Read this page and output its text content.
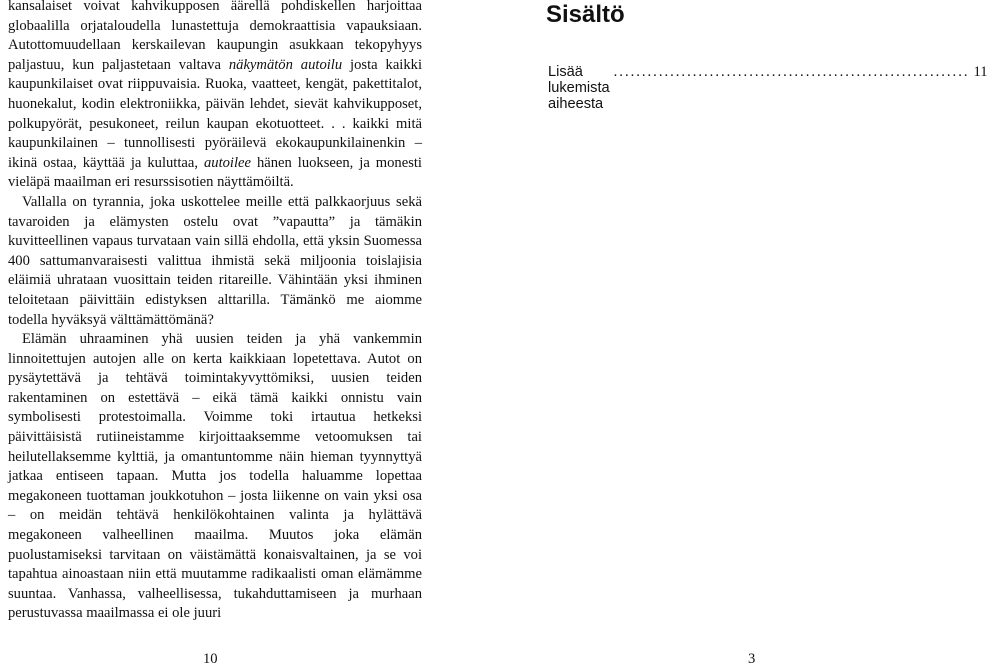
kansalaiset voivat kahvikupposen äärellä pohdiskellen harjoittaa globaalilla orjataloudella lunastettuja demokraattisia vapauksiaan. Autottomuudellaan kerskailevan kaupungin asukkaan tekopyhyys paljastuu, kun paljastetaan valtava näkymätön autoilu josta kaikki kaupunkilaiset ovat riippuvaisia. Ruoka, vaatteet, kengät, pakettitalot, huonekalut, kodin elektroniikka, päivän lehdet, sievät kahvikupposet, polkupyörät, pesukoneet, reilun kaupan ekotuotteet. . . kaikki mitä kaupunkilainen – tunnollisesti pyöräilevä ekokaupunkilainenkin – ikinä ostaa, käyttää ja kuluttaa, autoilee hänen luokseen, ja monesti vieläpä maailman eri resurssisotien näyttämöiltä.

Vallalla on tyrannia, joka uskottelee meille että palkkaorjuus sekä tavaroiden ja elämysten ostelu ovat ”vapautta” ja tämäkin kuvitteellinen vapaus turvataan vain sillä ehdolla, että yksin Suomessa 400 sattumanvaraisesti valittua ihmistä sekä miljoonia toislajisia eläimiä uhrataan vuosittain teiden ritareille. Vähintään yksi ihminen teloitetaan päivittäin edistyksen alttarilla. Tämänkö me aiomme todella hyväksyä välttämättömänä?

Elämän uhraaminen yhä uusien teiden ja yhä vankemmin linnoitettujen autojen alle on kerta kaikkiaan lopetettava. Autot on pysäytettävä ja tehtävä toimintakyvyttömiksi, uusien teiden rakentaminen on estettävä – eikä tämä kaikki onnistu vain symbolisesti protestoimalla. Voimme toki irtautua hetkeksi päivittäisistä rutiineistamme kirjoittaaksemme vetoomuksen tai heilutellaksemme kylttiä, ja omantuntomme näin hieman tyynnyttyä jatkaa entiseen tapaan. Mutta jos todella haluamme lopettaa megakoneen tuottaman joukkotuhon – josta liikenne on vain yksi osa – on meidän tehtävä henkilökohtainen valinta ja hylättävä megakoneen valheellinen maailma. Muutos joka elämän puolustamiseksi tarvitaan on väistämättä konaisvaltainen, ja se voi tapahtua ainoastaan niin että muutamme radikaalisti oman elämämme suuntaa. Vanhassa, valheellisessa, tukahduttamiseen ja murhaan perustuvassa maailmassa ei ole juuri

Sisältö
Lisää lukemista aiheesta
............................................................... 11
10	3
